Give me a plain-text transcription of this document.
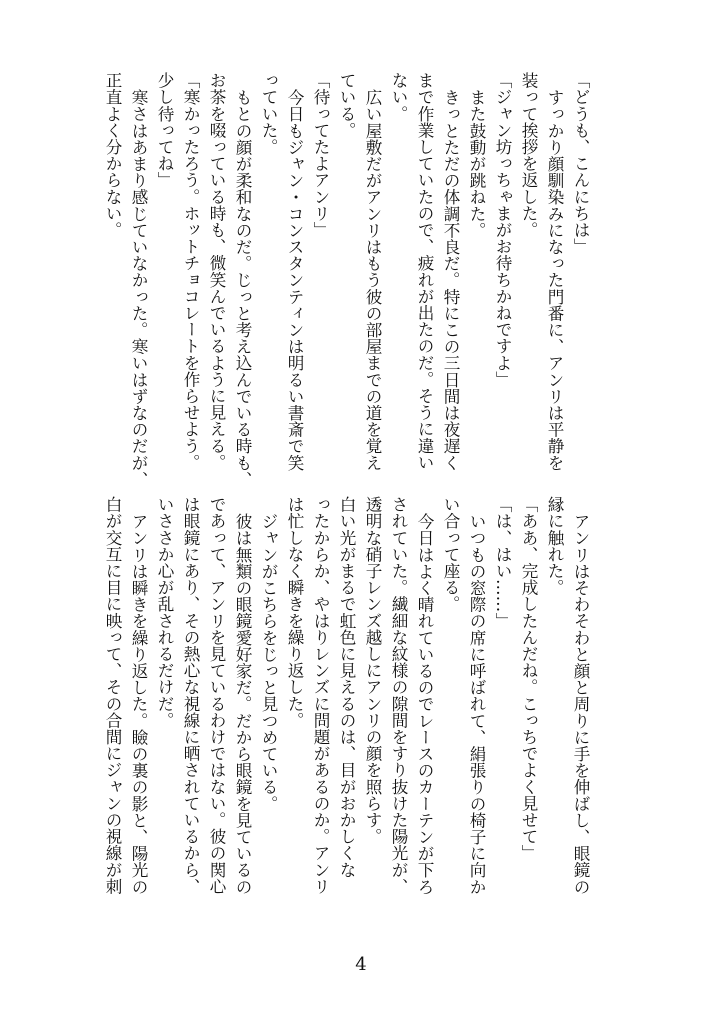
「どうも、こんにちは」
すっかり顔馴染みになった門番に、アンリは平静を
装って挨拶を返した。
「ジャン坊っちゃまがお待ちかねですよ」
また鼓動が跳ねた。
きっとただの体調不良だ。特にこの三日間は夜遅く
まで作業していたので、疲れが出たのだ。そうに違い
ない。
広い屋敷だがアンリはもう彼の部屋までの道を覚え
ている。
「待ってたよアンリ」
今日もジャン・コンスタンティンは明るい書斎で笑
っていた。
もとの顔が柔和なのだ。じっと考え込んでいる時も、
お茶を啜っている時も、微笑んでいるように見える。
「寒かったろう。ホットチョコレートを作らせよう。
少し待ってね」
寒さはあまり感じていなかった。寒いはずなのだが、
正直よく分からない。
アンリはそわそわと顔と周りに手を伸ばし、眼鏡の
縁に触れた。
「ああ、完成したんだね。こっちでよく見せて」
「は、はい……」
いつもの窓際の席に呼ばれて、絹張りの椅子に向か
い合って座る。
今日はよく晴れているのでレースのカーテンが下ろ
されていた。繊細な紋様の隙間をすり抜けた陽光が、
透明な硝子レンズ越しにアンリの顔を照らす。
白い光がまるで虹色に見えるのは、目がおかしくな
ったからか、やはりレンズに問題があるのか。アンリ
は忙しなく瞬きを繰り返した。
ジャンがこちらをじっと見つめている。
彼は無類の眼鏡愛好家だ。だから眼鏡を見ているの
であって、アンリを見ているわけではない。彼の関心
は眼鏡にあり、その熱心な視線に晒されているから、
いささか心が乱されるだけだ。
アンリは瞬きを繰り返した。瞼の裏の影と、陽光の
白が交互に目に映って、その合間にジャンの視線が刺
4
